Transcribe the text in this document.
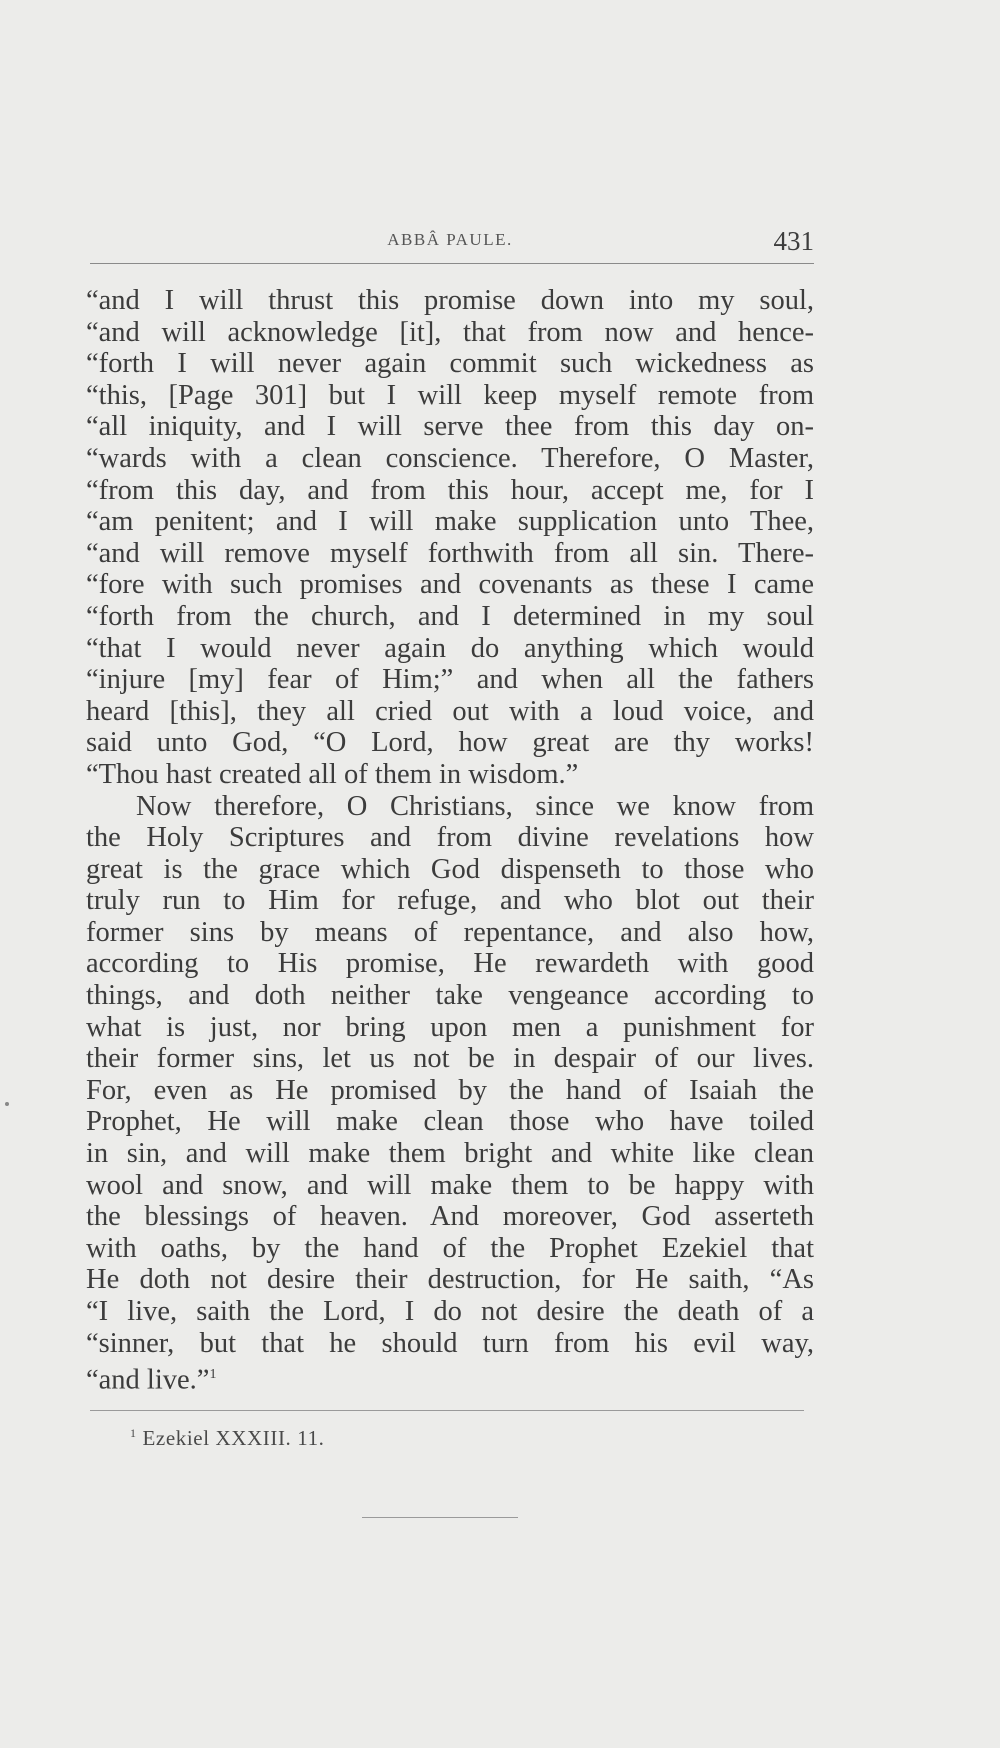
ABBÂ PAULE.	431
“and I will thrust this promise down into my soul,
“and will acknowledge [it], that from now and hence-
“forth I will never again commit such wickedness as
“this, [Page 301] but I will keep myself remote from
“all iniquity, and I will serve thee from this day on-
“wards with a clean conscience. Therefore, O Master,
“from this day, and from this hour, accept me, for I
“am penitent; and I will make supplication unto Thee,
“and will remove myself forthwith from all sin. There-
“fore with such promises and covenants as these I came
“forth from the church, and I determined in my soul
“that I would never again do anything which would
“injure [my] fear of Him;” and when all the fathers
heard [this], they all cried out with a loud voice, and
said unto God, “O Lord, how great are thy works!
“Thou hast created all of them in wisdom.”
Now therefore, O Christians, since we know from
the Holy Scriptures and from divine revelations how
great is the grace which God dispenseth to those who
truly run to Him for refuge, and who blot out their
former sins by means of repentance, and also how,
according to His promise, He rewardeth with good
things, and doth neither take vengeance according to
what is just, nor bring upon men a punishment for
their former sins, let us not be in despair of our lives.
For, even as He promised by the hand of Isaiah the
Prophet, He will make clean those who have toiled
in sin, and will make them bright and white like clean
wool and snow, and will make them to be happy with
the blessings of heaven. And moreover, God asserteth
with oaths, by the hand of the Prophet Ezekiel that
He doth not desire their destruction, for He saith, “As
“I live, saith the Lord, I do not desire the death of a
“sinner, but that he should turn from his evil way,
“and live.”$^1$
$^1$ Ezekiel XXXIII. 11.
